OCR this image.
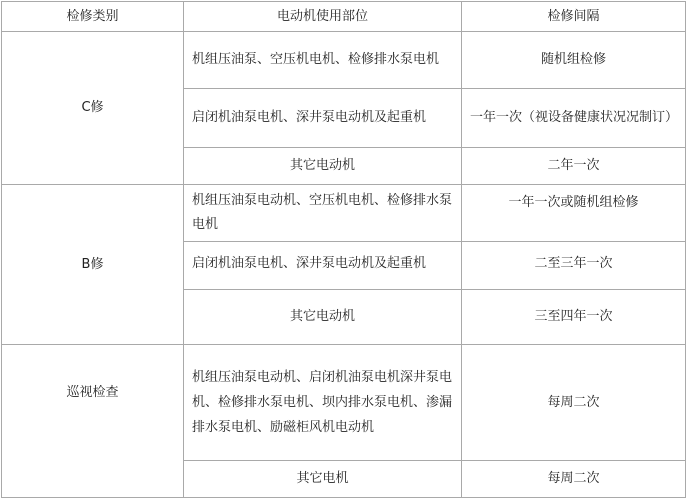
检修类别	电动机使用部位	检修间隔
C修	机组压油泵、空压机电机、检修排水泵电机	随机组检修
	启闭机油泵电机、深井泵电动机及起重机	一年一次（视设备健康状况况制订）
	其它电动机	二年一次
B修	机组压油泵电动机、空压机电机、检修排水泵电机	一年一次或随机组检修
	启闭机油泵电机、深井泵电动机及起重机	二至三年一次
	其它电动机	三至四年一次
巡视检查	机组压油泵电动机、启闭机油泵电机深井泵电机、检修排水泵电机、坝内排水泵电机、渗漏排水泵电机、励磁柜风机电动机	每周二次
	其它电机	每周二次
